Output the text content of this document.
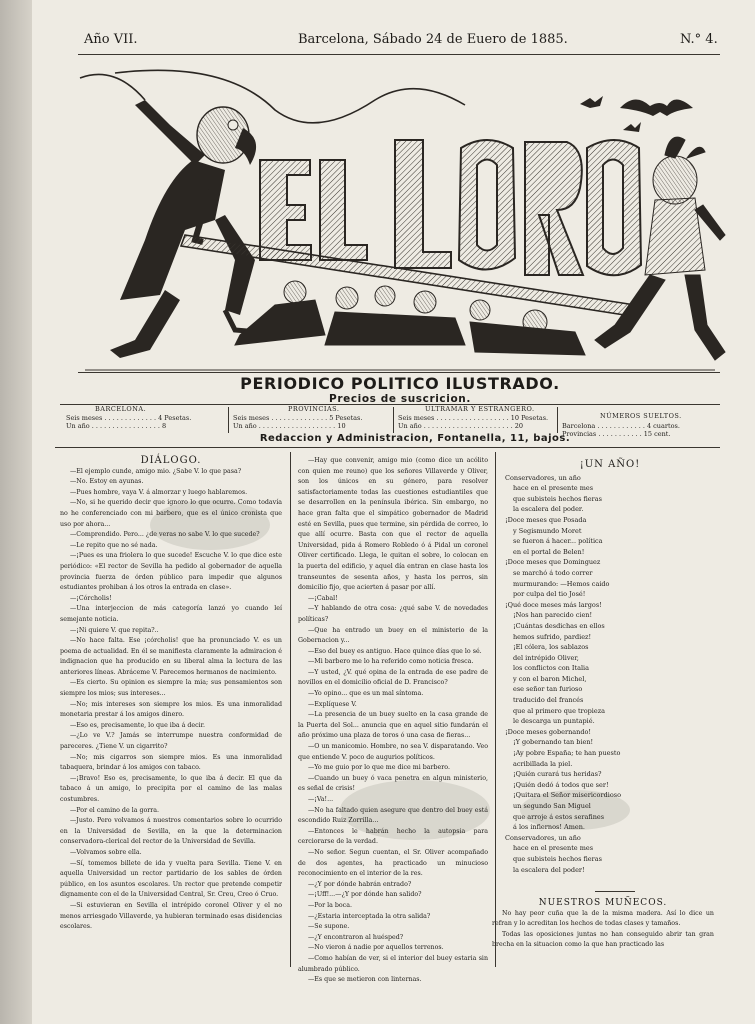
Año VII.	Barcelona, Sábado 24 de Euero de 1885.	N.° 4.
PERIODICO POLITICO ILUSTRADO.
Precios de suscricion.
BARCELONA.
Seis meses . . . . . . . . . . . . . 4 Pesetas.
Un año . . . . . . . . . . . . . . . . . 8
PROVINCIAS.
Seis meses . . . . . . . . . . . . . . 5 Pesetas.
Un año . . . . . . . . . . . . . . . . . . . 10
ULTRAMAR Y ESTRANGERO.
Seis meses . . . . . . . . . . . . . . . . . . 10 Pesetas.
Un año . . . . . . . . . . . . . . . . . . . . . . 20
NÚMEROS SUELTOS.
Barcelona . . . . . . . . . . . . 4 cuartos.
Provincias . . . . . . . . . . . 15 cent.
Redaccion y Administracion, Fontanella, 11, bajos.
DIÁLOGO.

—El ejemplo cunde, amigo mio. ¿Sabe V. lo que pasa?

—No. Estoy en ayunas.

—Pues hombre, vaya V. á almorzar y luego hablaremos.

—No, si he querido decir que ignoro lo que ocurre. Como todavía no he conferenciado con mi barbero, que es el único cronista que uso por ahora...

—Comprendido. Pero... ¿de veras no sabe V. lo que sucede?

—Le repito que no sé nada.

—¡Pues es una friolera lo que sucede! Escuche V. lo que dice este periódico: «El rector de Sevilla ha pedido al gobernador de aquella provincia fuerza de órden público para impedir que algunos estudiantes prohiban á los otros la entrada en clase».

—¡Córcholis!

—Una interjeccion de más categoría lanzó yo cuando leí semejante noticia.

—¡Ni quiere V. que repita?..

—No hace falta. Ese ¡córcholis! que ha pronunciado V. es un poema de actualidad. En él se manifiesta claramente la admiracion é indignacion que ha producido en su liberal alma la lectura de las anteriores líneas. Abráceme V. Parecemos hermanos de nacimiento.

—Es cierto. Su opinion es siempre la mia; sus pensamientos son siempre los mios; sus intereses...

—No; mis intereses son siempre los mios. Es una inmoralidad monetaria prestar á los amigos dinero.

—Eso es, precisamente, lo que iba á decir.

—¿Lo ve V.? Jamás se interrumpe nuestra conformidad de pareceres. ¿Tiene V. un cigarrito?

—No; mis cigarros son siempre mios. Es una inmoralidad tabaquera, brindar á los amigos con tabaco.

—¡Bravo! Eso es, precisamente, lo que iba á decir. El que da tabaco á un amigo, lo precipita por el camino de las malas costumbres.

—Por el camino de la gorra.

—Justo. Pero volvamos á nuestros comentarios sobre lo ocurrido en la Universidad de Sevilla, en la que la determinacion conservadora-clerical del rector de la Universidad de Sevilla.

—Volvamos sobre ella.

—Sí, tomemos billete de ida y vuelta para Sevilla. Tiene V. en aquella Universidad un rector partidario de los sables de órden público, en los asuntos escolares. Un rector que pretende competir dignamente con el de la Universidad Central, Sr. Creu, Creo ó Cruo.

—Si estuvieran en Sevilla el intrépido coronel Oliver y el no menos arriesgado Villaverde, ya hubieran terminado esas disidencias escolares.

—Hay que convenir, amigo mio (como dice un acólito con quien me reuno) que los señores Villaverde y Oliver, son los únicos en su género, para resolver satisfactoriamente todas las cuestiones estudiantiles que se desarrollen en la península ibérica. Sin embargo, no hace gran falta que el simpático gobernador de Madrid esté en Sevilla, pues que termine, sin pérdida de correo, lo que allí ocurre. Basta con que el rector de aquella Universidad, pida á Romero Robledo ó á Pidal un coronel Oliver certificado. Llega, le quitan el sobre, lo colocan en la puerta del edificio, y aquel día entran en clase hasta los transeuntes de sesenta años, y hasta los perros, sin domicilio fijo, que acierten á pasar por allí.

—¡Cabal!

—Y hablando de otra cosa: ¿qué sabe V. de novedades políticas?

—Que ha entrado un buey en el ministerio de la Gobernacion y...

—Eso del buey es antiguo. Hace quince días que lo sé.

—Mi barbero me lo ha referido como noticia fresca.

—Y usted, ¿V. qué opina de la entrada de ese padre de novillos en el domicilio oficial de D. Francisco?

—Yo opino... que es un mal síntoma.

—Explíquese V.

—La presencia de un buey suelto en la casa grande de la Puerta del Sol... anuncia que en aquel sitio fundarán el año próximo una plaza de toros ó una casa de fieras...

—O un manicomio. Hombre, no sea V. disparatando. Veo que entiende V. poco de augurios políticos.

—Yo me guio por lo que me dice mi barbero.

—Cuando un buey ó vaca penetra en algun ministerio, es señal de crisis!

—¡Va!...

—No ha faltado quien asegure que dentro del buey está escondido Ruiz Zorrilla...

—Entonces le habrán hecho la autopsia para cerciorarse de la verdad.

—No señor. Segun cuentan, el Sr. Oliver acompañado de dos agentes, ha practicado un minucioso reconocimiento en el interior de la res.

—¿Y por dónde habrán entrado?

—¡Uff!...—¿Y por dónde han salido?

—Por la boca.

—¿Estaria interceptada la otra salida?

—Se supone.

—¿Y encontraron al huésped?

—No vieron á nadie por aquellos terrenos.

—Como habían de ver, si el interior del buey estaria sin alumbrado público.

—Es que se metieron con linternas.

¡UN AÑO!
Conservadores, un año
hace en el presente mes
que subisteis hechos fieras
la escalera del poder.
¡Doce meses que Posada
y Segismundo Moret
se fueron á hacer... política
en el portal de Belen!
¡Doce meses que Dominguez
se marchó á todo correr
murmurando: —Hemos caido
por culpa del tio José!
¡Qué doce meses más largos!
¡Nos han parecido cien!
¡Cuántas desdichas en ellos
hemos sufrido, pardiez!
¡El cólera, los sablazos
del intrépido Oliver,
los conflictos con Italia
y con el baron Michel,
ese señor tan furioso
traducido del francés
que al primero que tropieza
le descarga un puntapié.
¡Doce meses gobernando!
¡Y gobernando tan bien!
¡Ay pobre España; te han puesto
acribillada la piel.
¡Quién curará tus heridas?
¡Quién dedó á todos que ser!
¡Quitara el Señor misericordioso
un segundo San Miguel
que arroje á estos serafines
á los infiernos! Amen.
Conservadores, un año
hace en el presente mes
que subisteis hechos fieras
la escalera del poder!
NUESTROS MUÑECOS.

No hay peor cuña que la de la misma madera. Así lo dice un refran y lo acreditan los hechos de todas clases y tamaños.

Todas las oposiciones juntas no han conseguido abrir tan gran brecha en la situacion como la que han practicado las
